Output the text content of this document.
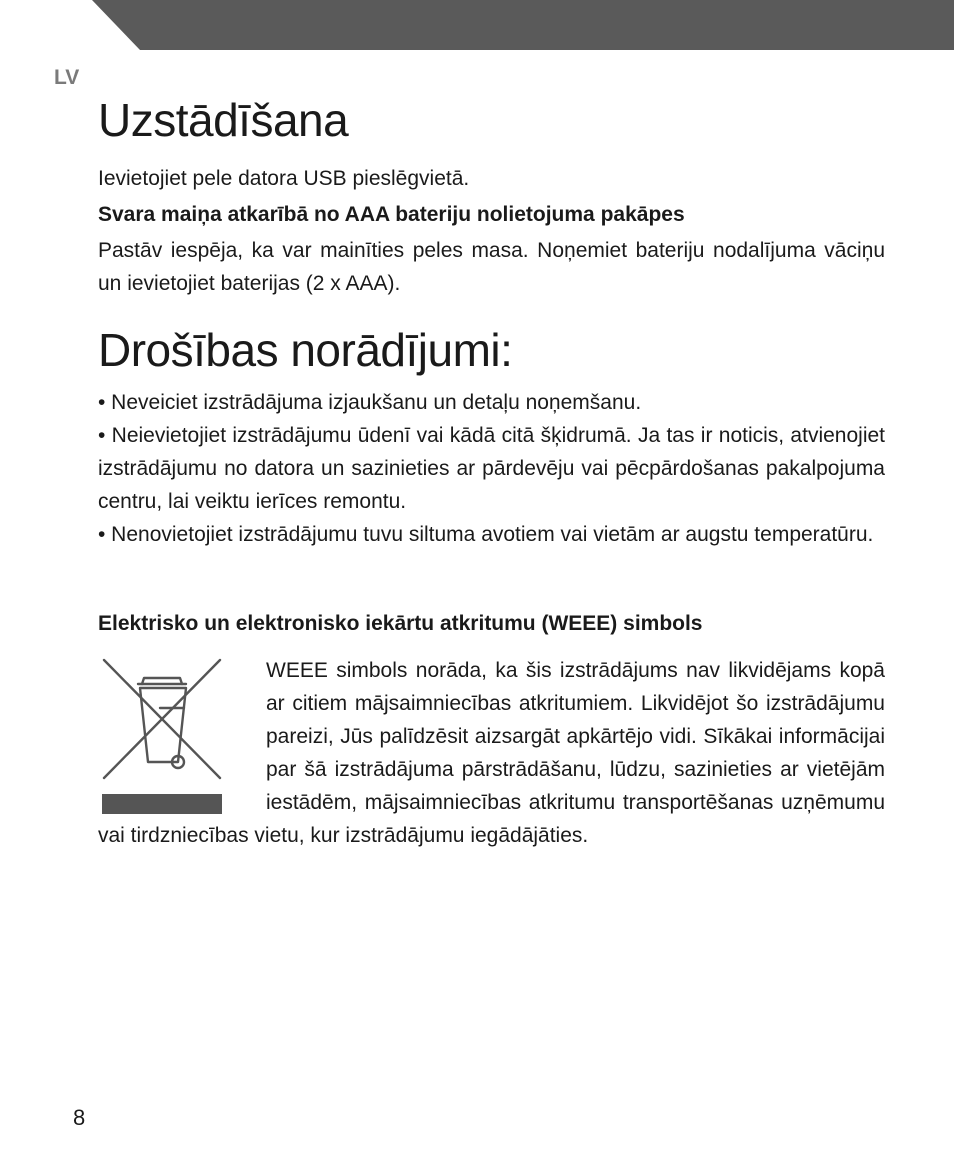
LV
Uzstādīšana

Ievietojiet pele datora USB pieslēgvietā.

Svara maiņa atkarībā no AAA bateriju nolietojuma pakāpes

Pastāv iespēja, ka var mainīties peles masa. Noņemiet bateriju nodalījuma vāciņu un ievietojiet baterijas (2 x AAA).

Drošības norādījumi:

• Neveiciet izstrādājuma izjaukšanu un detaļu noņemšanu.

• Neievietojiet izstrādājumu ūdenī vai kādā citā šķidrumā. Ja tas ir noticis, atvienojiet izstrādājumu no datora un sazinieties ar pārdevēju vai pēcpārdošanas pakalpojuma centru, lai veiktu ierīces remontu.

• Nenovietojiet izstrādājumu tuvu siltuma avotiem vai vietām ar augstu temperatūru.

Elektrisko un elektronisko iekārtu atkritumu (WEEE) simbols

WEEE simbols norāda, ka šis izstrādājums nav likvidējams kopā ar citiem mājsaimniecības atkritumiem. Likvidējot šo izstrādājumu pareizi, Jūs palīdzēsit aizsargāt apkārtējo vidi. Sīkākai informācijai par šā izstrādājuma pārstrādāšanu, lūdzu, sazinieties ar vietējām iestādēm, mājsaimniecības atkritumu transportēšanas uzņēmumu vai tirdzniecības vietu, kur izstrādājumu iegādājāties.

8
